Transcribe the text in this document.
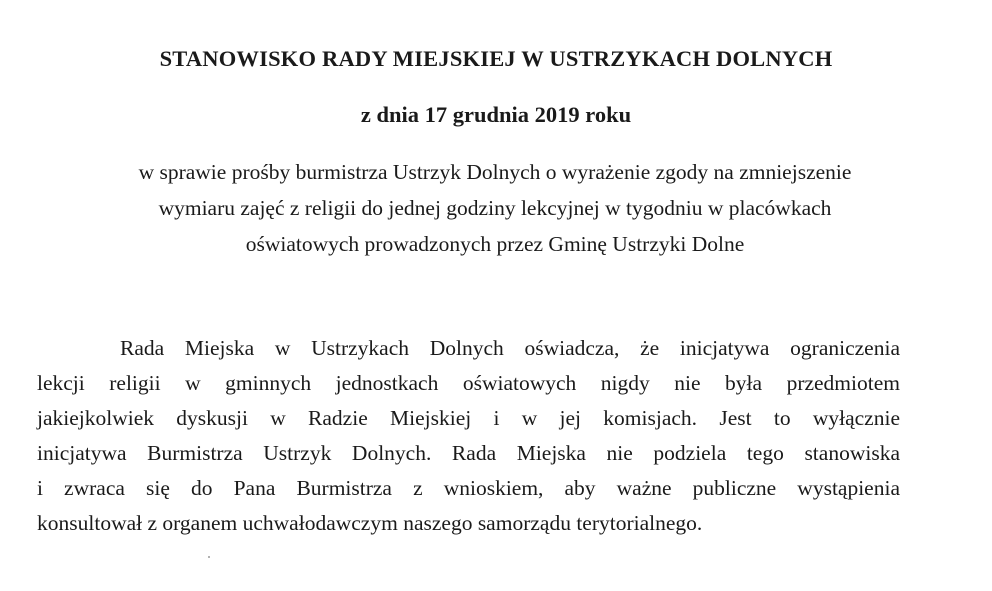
STANOWISKO RADY MIEJSKIEJ W USTRZYKACH DOLNYCH
z dnia 17 grudnia 2019 roku
w sprawie prośby burmistrza Ustrzyk Dolnych o wyrażenie zgody na zmniejszenie
wymiaru zajęć z religii do jednej godziny lekcyjnej w tygodniu w placówkach
oświatowych prowadzonych przez Gminę Ustrzyki Dolne
Rada Miejska w Ustrzykach Dolnych oświadcza, że inicjatywa ograniczenia
lekcji religii w gminnych jednostkach oświatowych nigdy nie była przedmiotem
jakiejkolwiek dyskusji w Radzie Miejskiej i w jej komisjach. Jest to wyłącznie
inicjatywa Burmistrza Ustrzyk Dolnych. Rada Miejska nie podziela tego stanowiska
i zwraca się do Pana Burmistrza z wnioskiem, aby ważne publiczne wystąpienia
konsultował z organem uchwałodawczym naszego samorządu terytorialnego.
